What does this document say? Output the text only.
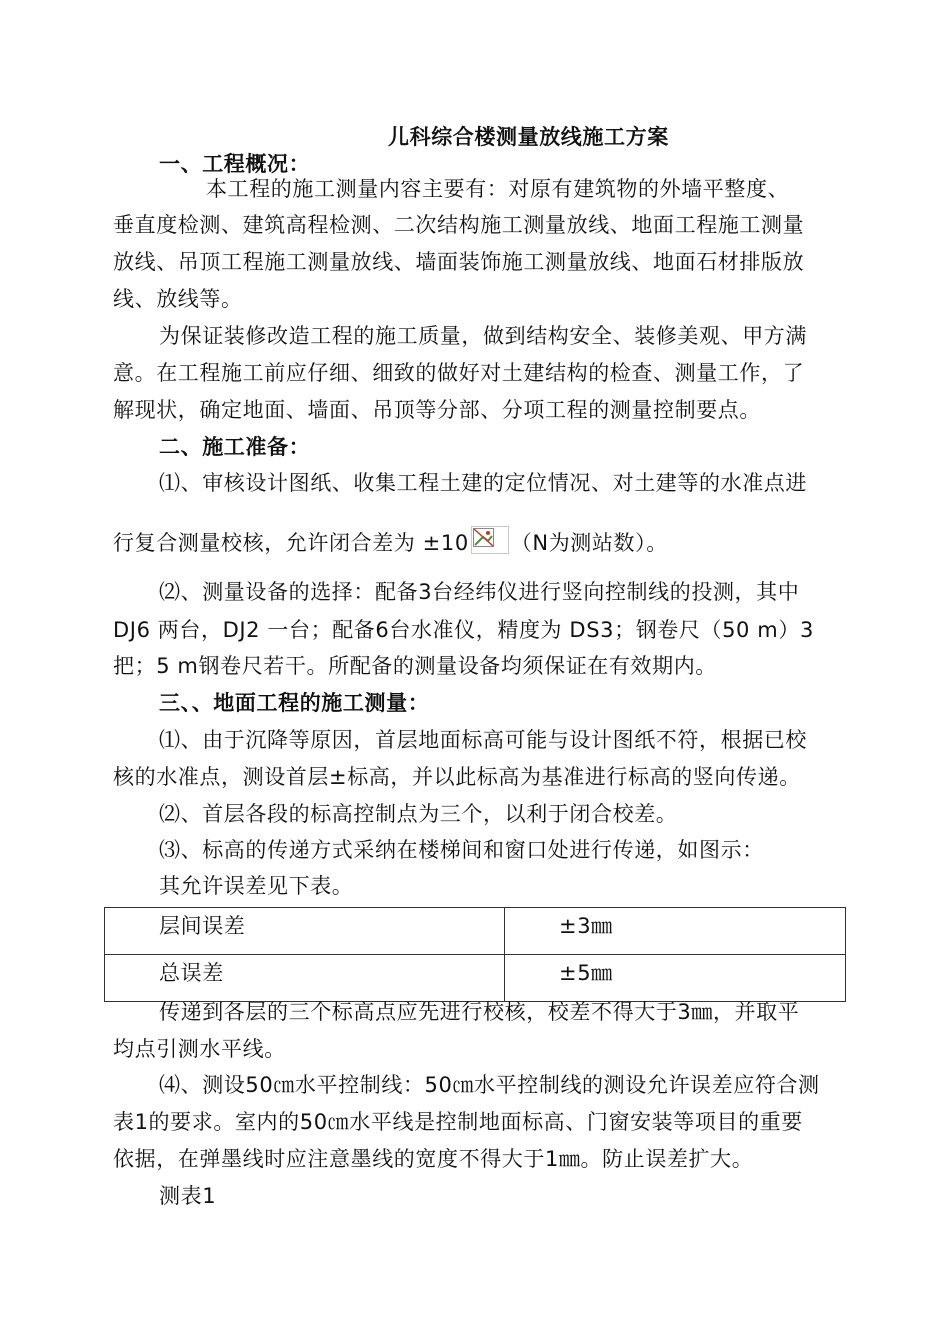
儿科综合楼测量放线施工方案
一、工程概况：
本工程的施工测量内容主要有：对原有建筑物的外墙平整度、
垂直度检测、建筑高程检测、二次结构施工测量放线、地面工程施工测量
放线、吊顶工程施工测量放线、墙面装饰施工测量放线、地面石材排版放
线、放线等。
为保证装修改造工程的施工质量，做到结构安全、装修美观、甲方满
意。在工程施工前应仔细、细致的做好对土建结构的检查、测量工作，了
解现状，确定地面、墙面、吊顶等分部、分项工程的测量控制要点。
二、施工准备：
⑴、审核设计图纸、收集工程土建的定位情况、对土建等的水准点进
行复合测量校核，允许闭合差为 ±10 （N为测站数）。
⑵、测量设备的选择：配备3台经纬仪进行竖向控制线的投测，其中
DJ6 两台，DJ2 一台；配备6台水准仪，精度为 DS3；钢卷尺（50 m）3
把；5 m钢卷尺若干。所配备的测量设备均须保证在有效期内。
三、、地面工程的施工测量：
⑴、由于沉降等原因，首层地面标高可能与设计图纸不符，根据已校
核的水准点，测设首层±标高，并以此标高为基准进行标高的竖向传递。
⑵、首层各段的标高控制点为三个，以利于闭合校差。
⑶、标高的传递方式采纳在楼梯间和窗口处进行传递，如图示：
其允许误差见下表。
层间误差	±3㎜
总误差	±5㎜
传递到各层的三个标高点应先进行校核，校差不得大于3㎜，并取平
均点引测水平线。
⑷、测设50㎝水平控制线：50㎝水平控制线的测设允许误差应符合测
表1的要求。室内的50㎝水平线是控制地面标高、门窗安装等项目的重要
依据，在弹墨线时应注意墨线的宽度不得大于1㎜。防止误差扩大。
测表1
